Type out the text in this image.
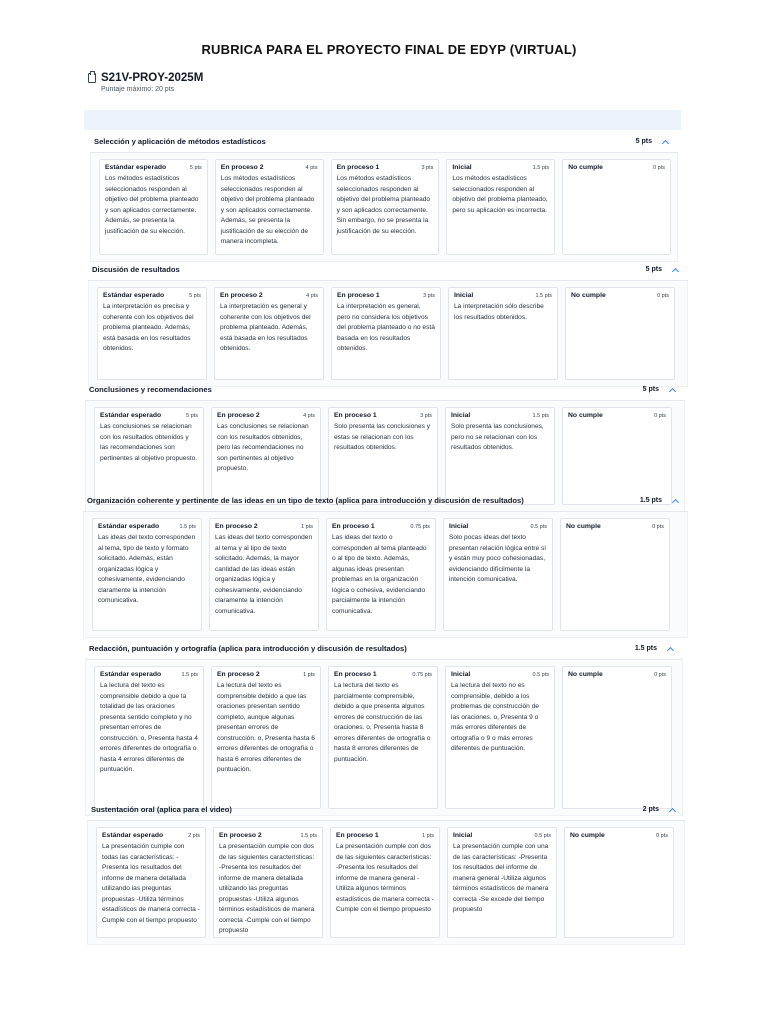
RUBRICA PARA EL PROYECTO FINAL DE EDYP (VIRTUAL)
S21V-PROY-2025M
Puntaje máximo: 20 pts
Selección y aplicación de métodos estadísticos	5 pts
Estándar esperado	5 pts
Los métodos estadísticos seleccionados responden al objetivo del problema planteado y son aplicados correctamente. Además, se presenta la justificación de su elección.
En proceso 2	4 pts
Los métodos estadísticos seleccionados responden al objetivo del problema planteado y son aplicados correctamente. Además, se presenta la justificación de su elección de manera incompleta.
En proceso 1	3 pts
Los métodos estadísticos seleccionados responden al objetivo del problema planteado y son aplicados correctamente. Sin embargo, no se presenta la justificación de su elección.
Inicial	1.5 pts
Los métodos estadísticos seleccionados responden al objetivo del problema planteado, pero su aplicación es incorrecta.
No cumple	0 pts
Discusión de resultados	5 pts
Estándar esperado	5 pts
La interpretación es precisa y coherente con los objetivos del problema planteado. Además, está basada en los resultados obtenidos.
En proceso 2	4 pts
La interpretación es general y coherente con los objetivos del problema planteado. Además, está basada en los resultados obtenidos.
En proceso 1	3 pts
La interpretación es general, pero no considera los objetivos del problema planteado o no está basada en los resultados obtenidos.
Inicial	1.5 pts
La interpretación sólo describe los resultados obtenidos.
No cumple	0 pts
Conclusiones y recomendaciones	5 pts
Estándar esperado	5 pts
Las conclusiones se relacionan con los resultados obtenidos y las recomendaciones son pertinentes al objetivo propuesto.
En proceso 2	4 pts
Las conclusiones se relacionan con los resultados obtenidos, pero las recomendaciones no son pertinentes al objetivo propuesto.
En proceso 1	3 pts
Solo presenta las conclusiones y estas se relacionan con los resultados obtenidos.
Inicial	1.5 pts
Solo presenta las conclusiones, pero no se relacionan con los resultados obtenidos.
No cumple	0 pts
Organización coherente y pertinente de las ideas en un tipo de texto (aplica para introducción y discusión de resultados)	1.5 pts
Estándar esperado	1.5 pts
Las ideas del texto corresponden al tema, tipo de texto y formato solicitado. Además, están organizadas lógica y cohesivamente, evidenciando claramente la intención comunicativa.
En proceso 2	1 pts
Las ideas del texto corresponden al tema y al tipo de texto solicitado. Además, la mayor cantidad de las ideas están organizadas lógica y cohesivamente, evidenciando claramente la intención comunicativa.
En proceso 1	0.75 pts
Las ideas del texto o corresponden al tema planteado o al tipo de texto. Además, algunas ideas presentan problemas en la organización lógica o cohesiva, evidenciando parcialmente la intención comunicativa.
Inicial	0.5 pts
Solo pocas ideas del texto presentan relación lógica entre sí y están muy poco cohesionadas, evidenciando difícilmente la intención comunicativa.
No cumple	0 pts
Redacción, puntuación y ortografía (aplica para introducción y discusión de resultados)	1.5 pts
Estándar esperado	1.5 pts
La lectura del texto es comprensible debido a que la totalidad de las oraciones presenta sentido completo y no presentan errores de construcción. o, Presenta hasta 4 errores diferentes de ortografía o hasta 4 errores diferentes de puntuación.
En proceso 2	1 pts
La lectura del texto es comprensible debido a que las oraciones presentan sentido completo, aunque algunas presentan errores de construcción. o, Presenta hasta 6 errores diferentes de ortografía o hasta 6 errores diferentes de puntuación.
En proceso 1	0.75 pts
La lectura del texto es parcialmente comprensible, debido a que presenta algunos errores de construcción de las oraciones. o, Presenta hasta 8 errores diferentes de ortografía o hasta 8 errores diferentes de puntuación.
Inicial	0.5 pts
La lectura del texto no es comprensible, debido a los problemas de construcción de las oraciones. o, Presenta 9 o más errores diferentes de ortografía o 9 o más errores diferentes de puntuación.
No cumple	0 pts
Sustentación oral (aplica para el video)	2 pts
Estándar esperado	2 pts
La presentación cumple con todas las características: -Presenta los resultados del informe de manera detallada utilizando las preguntas propuestas -Utiliza términos estadísticos de manera correcta -Cumple con el tiempo propuesto
En proceso 2	1.5 pts
La presentación cumple con dos de las siguientes características: -Presenta los resultados del informe de manera detallada utilizando las preguntas propuestas -Utiliza algunos términos estadísticos de manera correcta -Cumple con el tiempo propuesto
En proceso 1	1 pts
La presentación cumple con dos de las siguientes características: -Presenta los resultados del informe de manera general -Utiliza algunos términos estadísticos de manera correcta -Cumple con el tiempo propuesto
Inicial	0.5 pts
La presentación cumple con una de las características: -Presenta los resultados del informe de manera general -Utiliza algunos términos estadísticos de manera correcta -Se excede del tiempo propuesto
No cumple	0 pts
